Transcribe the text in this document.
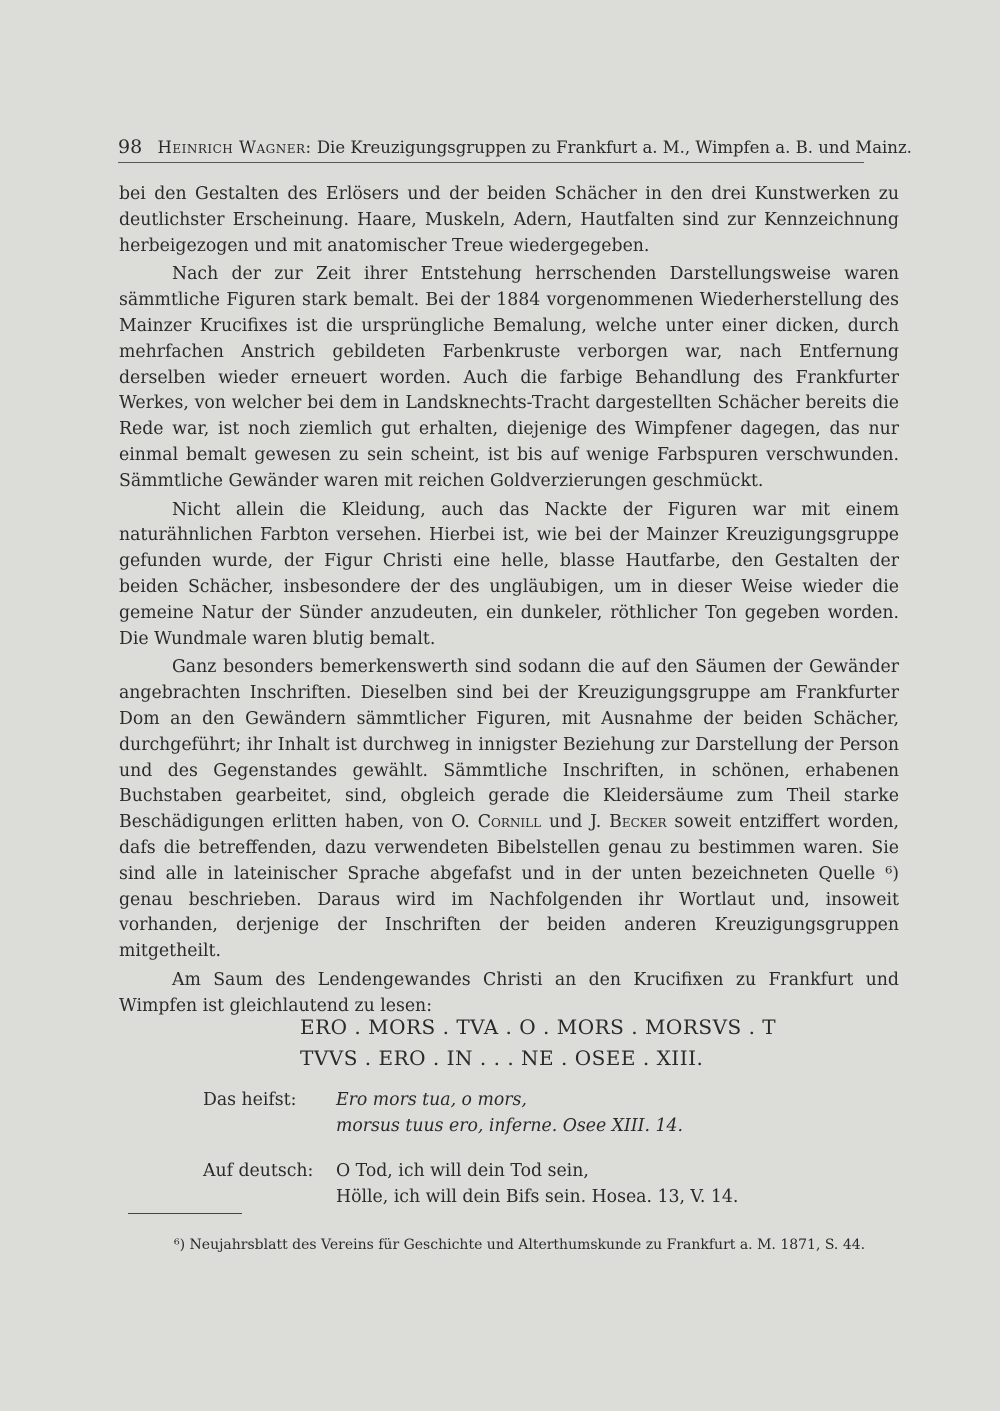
98 Heinrich Wagner: Die Kreuzigungsgruppen zu Frankfurt a. M., Wimpfen a. B. und Mainz.

bei den Gestalten des Erlösers und der beiden Schächer in den drei Kunstwerken zu deutlichster Erscheinung. Haare, Muskeln, Adern, Hautfalten sind zur Kennzeichnung herbeigezogen und mit anatomischer Treue wiedergegeben.

Nach der zur Zeit ihrer Entstehung herrschenden Darstellungsweise waren sämmtliche Figuren stark bemalt. Bei der 1884 vorgenommenen Wiederherstellung des Mainzer Krucifixes ist die ursprüngliche Bemalung, welche unter einer dicken, durch mehrfachen Anstrich gebildeten Farbenkruste verborgen war, nach Entfernung derselben wieder erneuert worden. Auch die farbige Behandlung des Frankfurter Werkes, von welcher bei dem in Landsknechts-Tracht dargestellten Schächer bereits die Rede war, ist noch ziemlich gut erhalten, diejenige des Wimpfener dagegen, das nur einmal bemalt gewesen zu sein scheint, ist bis auf wenige Farbspuren verschwunden. Sämmtliche Gewänder waren mit reichen Goldverzierungen geschmückt.

Nicht allein die Kleidung, auch das Nackte der Figuren war mit einem naturähnlichen Farbton versehen. Hierbei ist, wie bei der Mainzer Kreuzigungsgruppe gefunden wurde, der Figur Christi eine helle, blasse Hautfarbe, den Gestalten der beiden Schächer, insbesondere der des ungläubigen, um in dieser Weise wieder die gemeine Natur der Sünder anzudeuten, ein dunkeler, röthlicher Ton gegeben worden. Die Wundmale waren blutig bemalt.

Ganz besonders bemerkenswerth sind sodann die auf den Säumen der Gewänder angebrachten Inschriften. Dieselben sind bei der Kreuzigungsgruppe am Frankfurter Dom an den Gewändern sämmtlicher Figuren, mit Ausnahme der beiden Schächer, durchgeführt; ihr Inhalt ist durchweg in innigster Beziehung zur Darstellung der Person und des Gegenstandes gewählt. Sämmtliche Inschriften, in schönen, erhabenen Buchstaben gearbeitet, sind, obgleich gerade die Kleidersäume zum Theil starke Beschädigungen erlitten haben, von O. Cornill und J. Becker soweit entziffert worden, dafs die betreffenden, dazu verwendeten Bibelstellen genau zu bestimmen waren. Sie sind alle in lateinischer Sprache abgefafst und in der unten bezeichneten Quelle ⁶) genau beschrieben. Daraus wird im Nachfolgenden ihr Wortlaut und, insoweit vorhanden, derjenige der Inschriften der beiden anderen Kreuzigungsgruppen mitgetheilt.

Am Saum des Lendengewandes Christi an den Krucifixen zu Frankfurt und Wimpfen ist gleichlautend zu lesen:

ERO . MORS . TVA . O . MORS . MORSVS . T
TVVS . ERO . IN . . . NE . OSEE . XIII.
Das heifst:	Ero mors tua, o mors,
morsus tuus ero, inferne. Osee XIII. 14.
Auf deutsch:	O Tod, ich will dein Tod sein,
Hölle, ich will dein Bifs sein. Hosea. 13, V. 14.
⁶) Neujahrsblatt des Vereins für Geschichte und Alterthumskunde zu Frankfurt a. M. 1871, S. 44.
